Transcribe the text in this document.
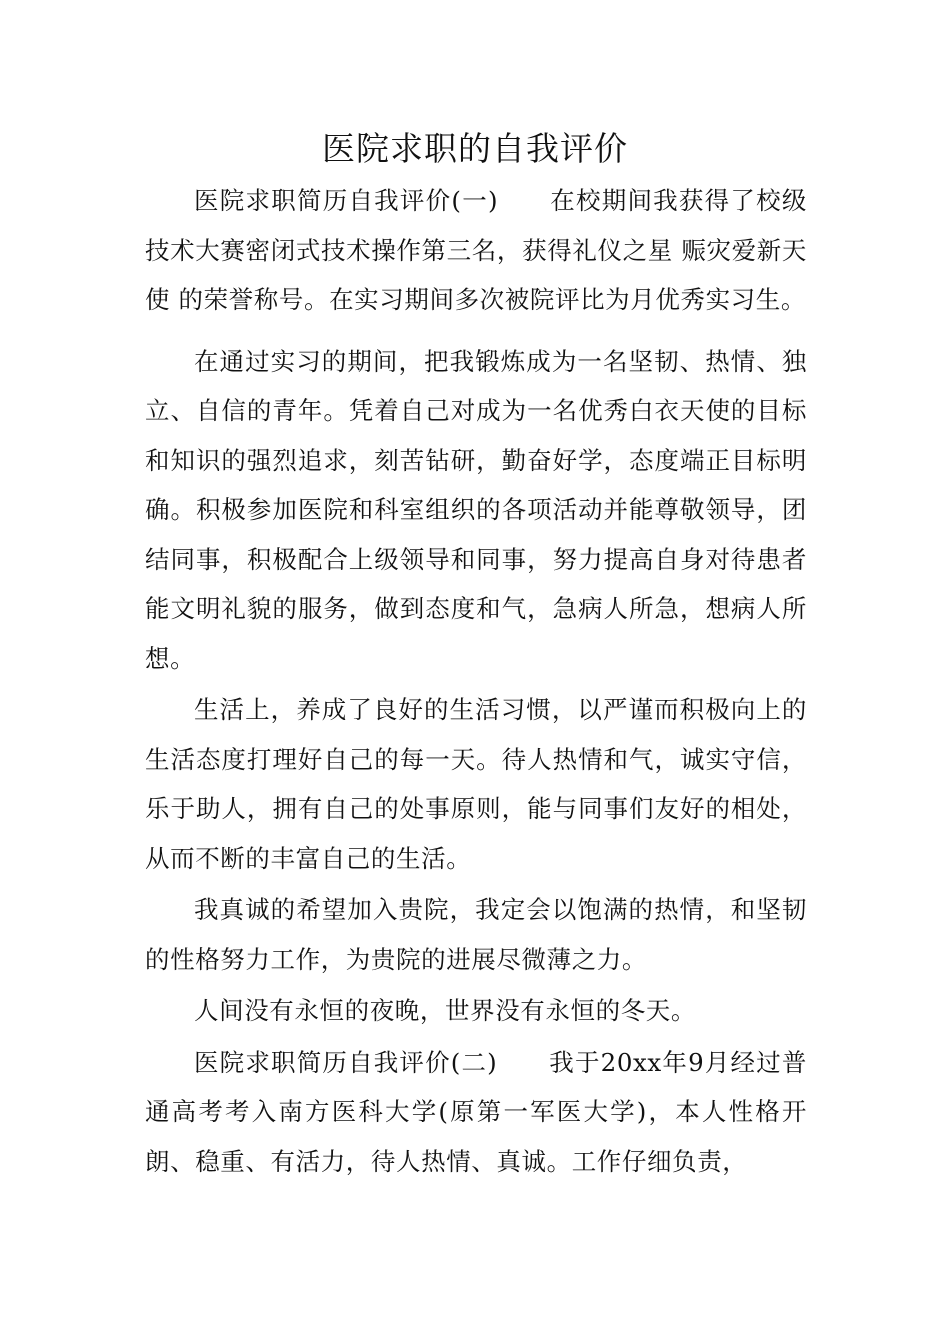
医院求职的自我评价

医院求职简历自我评价(一)　　在校期间我获得了校级技术大赛密闭式技术操作第三名，获得礼仪之星 赈灾爱新天使 的荣誉称号。在实习期间多次被院评比为月优秀实习生。

在通过实习的期间，把我锻炼成为一名坚韧、热情、独立、自信的青年。凭着自己对成为一名优秀白衣天使的目标和知识的强烈追求，刻苦钻研，勤奋好学，态度端正目标明确。积极参加医院和科室组织的各项活动并能尊敬领导，团结同事，积极配合上级领导和同事，努力提高自身对待患者能文明礼貌的服务，做到态度和气，急病人所急，想病人所想。

生活上，养成了良好的生活习惯，以严谨而积极向上的生活态度打理好自己的每一天。待人热情和气，诚实守信，乐于助人，拥有自己的处事原则，能与同事们友好的相处，从而不断的丰富自己的生活。

我真诚的希望加入贵院，我定会以饱满的热情，和坚韧的性格努力工作，为贵院的进展尽微薄之力。

人间没有永恒的夜晚，世界没有永恒的冬天。

医院求职简历自我评价(二)　　我于20xx年9月经过普通高考考入南方医科大学(原第一军医大学)，本人性格开朗、稳重、有活力，待人热情、真诚。工作仔细负责，
